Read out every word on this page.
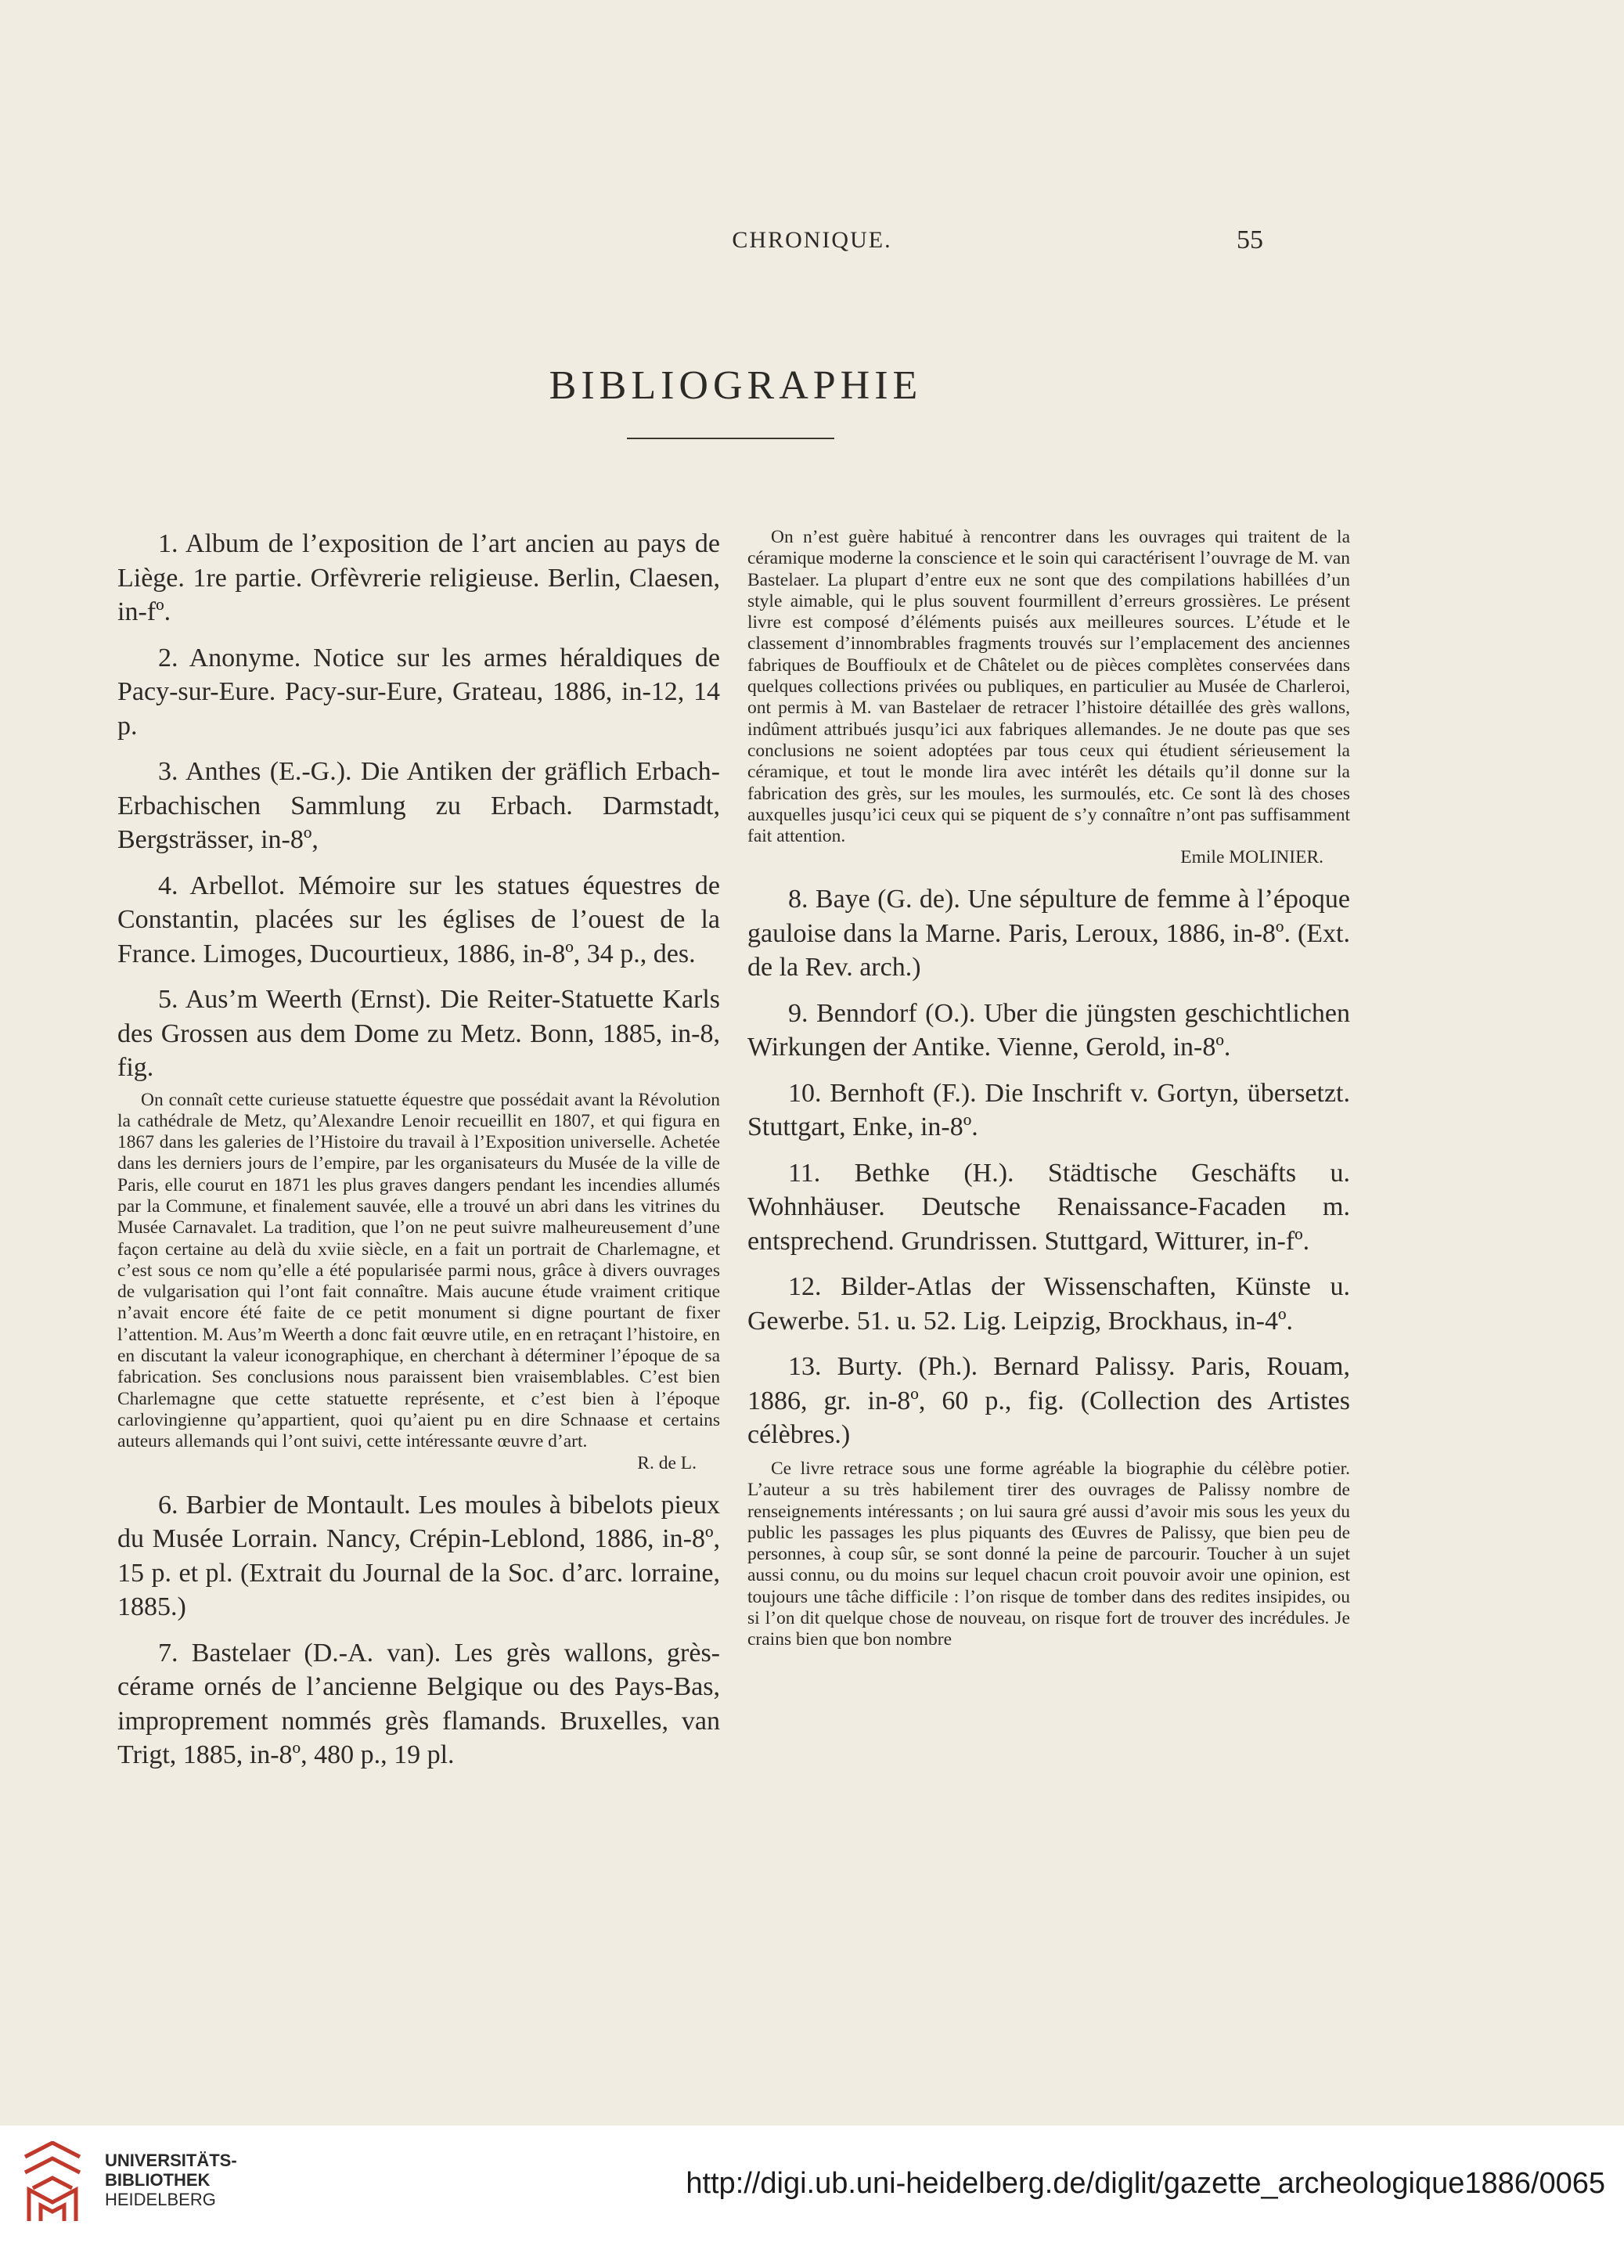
CHRONIQUE.	55
BIBLIOGRAPHIE

1. Album de l’exposition de l’art ancien au pays de Liège. 1re partie. Orfèvrerie religieuse. Berlin, Claesen, in-fº.

2. Anonyme. Notice sur les armes héraldiques de Pacy-sur-Eure. Pacy-sur-Eure, Grateau, 1886, in-12, 14 p.

3. Anthes (E.-G.). Die Antiken der gräflich Erbach-Erbachischen Sammlung zu Erbach. Darmstadt, Bergsträsser, in-8º,

4. Arbellot. Mémoire sur les statues équestres de Constantin, placées sur les églises de l’ouest de la France. Limoges, Ducourtieux, 1886, in-8º, 34 p., des.

5. Aus’m Weerth (Ernst). Die Reiter-Statuette Karls des Grossen aus dem Dome zu Metz. Bonn, 1885, in-8, fig.

On connaît cette curieuse statuette équestre que possédait avant la Révolution la cathédrale de Metz, qu’Alexandre Lenoir recueillit en 1807, et qui figura en 1867 dans les galeries de l’Histoire du travail à l’Exposition universelle. Achetée dans les derniers jours de l’empire, par les organisateurs du Musée de la ville de Paris, elle courut en 1871 les plus graves dangers pendant les incendies allumés par la Commune, et finalement sauvée, elle a trouvé un abri dans les vitrines du Musée Carnavalet. La tradition, que l’on ne peut suivre malheureusement d’une façon certaine au delà du xviie siècle, en a fait un portrait de Charlemagne, et c’est sous ce nom qu’elle a été popularisée parmi nous, grâce à divers ouvrages de vulgarisation qui l’ont fait connaître. Mais aucune étude vraiment critique n’avait encore été faite de ce petit monument si digne pourtant de fixer l’attention. M. Aus’m Weerth a donc fait œuvre utile, en en retraçant l’histoire, en en discutant la valeur iconographique, en cherchant à déterminer l’époque de sa fabrication. Ses conclusions nous paraissent bien vraisemblables. C’est bien Charlemagne que cette statuette représente, et c’est bien à l’époque carlovingienne qu’appartient, quoi qu’aient pu en dire Schnaase et certains auteurs allemands qui l’ont suivi, cette intéressante œuvre d’art.

R. de L.

6. Barbier de Montault. Les moules à bibelots pieux du Musée Lorrain. Nancy, Crépin-Leblond, 1886, in-8º, 15 p. et pl. (Extrait du Journal de la Soc. d’arc. lorraine, 1885.)

7. Bastelaer (D.-A. van). Les grès wallons, grès-cérame ornés de l’ancienne Belgique ou des Pays-Bas, improprement nommés grès flamands. Bruxelles, van Trigt, 1885, in-8º, 480 p., 19 pl.

On n’est guère habitué à rencontrer dans les ouvrages qui traitent de la céramique moderne la conscience et le soin qui caractérisent l’ouvrage de M. van Bastelaer. La plupart d’entre eux ne sont que des compilations habillées d’un style aimable, qui le plus souvent fourmillent d’erreurs grossières. Le présent livre est composé d’éléments puisés aux meilleures sources. L’étude et le classement d’innombrables fragments trouvés sur l’emplacement des anciennes fabriques de Bouffioulx et de Châtelet ou de pièces complètes conservées dans quelques collections privées ou publiques, en particulier au Musée de Charleroi, ont permis à M. van Bastelaer de retracer l’histoire détaillée des grès wallons, indûment attribués jusqu’ici aux fabriques allemandes. Je ne doute pas que ses conclusions ne soient adoptées par tous ceux qui étudient sérieusement la céramique, et tout le monde lira avec intérêt les détails qu’il donne sur la fabrication des grès, sur les moules, les surmoulés, etc. Ce sont là des choses auxquelles jusqu’ici ceux qui se piquent de s’y connaître n’ont pas suffisamment fait attention.

Emile MOLINIER.

8. Baye (G. de). Une sépulture de femme à l’époque gauloise dans la Marne. Paris, Leroux, 1886, in-8º. (Ext. de la Rev. arch.)

9. Benndorf (O.). Uber die jüngsten geschichtlichen Wirkungen der Antike. Vienne, Gerold, in-8º.

10. Bernhoft (F.). Die Inschrift v. Gortyn, übersetzt. Stuttgart, Enke, in-8º.

11. Bethke (H.). Städtische Geschäfts u. Wohnhäuser. Deutsche Renaissance-Facaden m. entsprechend. Grundrissen. Stuttgard, Witturer, in-fº.

12. Bilder-Atlas der Wissenschaften, Künste u. Gewerbe. 51. u. 52. Lig. Leipzig, Brockhaus, in-4º.

13. Burty. (Ph.). Bernard Palissy. Paris, Rouam, 1886, gr. in-8º, 60 p., fig. (Collection des Artistes célèbres.)

Ce livre retrace sous une forme agréable la biographie du célèbre potier. L’auteur a su très habilement tirer des ouvrages de Palissy nombre de renseignements intéressants ; on lui saura gré aussi d’avoir mis sous les yeux du public les passages les plus piquants des Œuvres de Palissy, que bien peu de personnes, à coup sûr, se sont donné la peine de parcourir. Toucher à un sujet aussi connu, ou du moins sur lequel chacun croit pouvoir avoir une opinion, est toujours une tâche difficile : l’on risque de tomber dans des redites insipides, ou si l’on dit quelque chose de nouveau, on risque fort de trouver des incrédules. Je crains bien que bon nombre

UNIVERSITÄTS-
BIBLIOTHEK
HEIDELBERG	http://digi.ub.uni-heidelberg.de/diglit/gazette_archeologique1886/0065
